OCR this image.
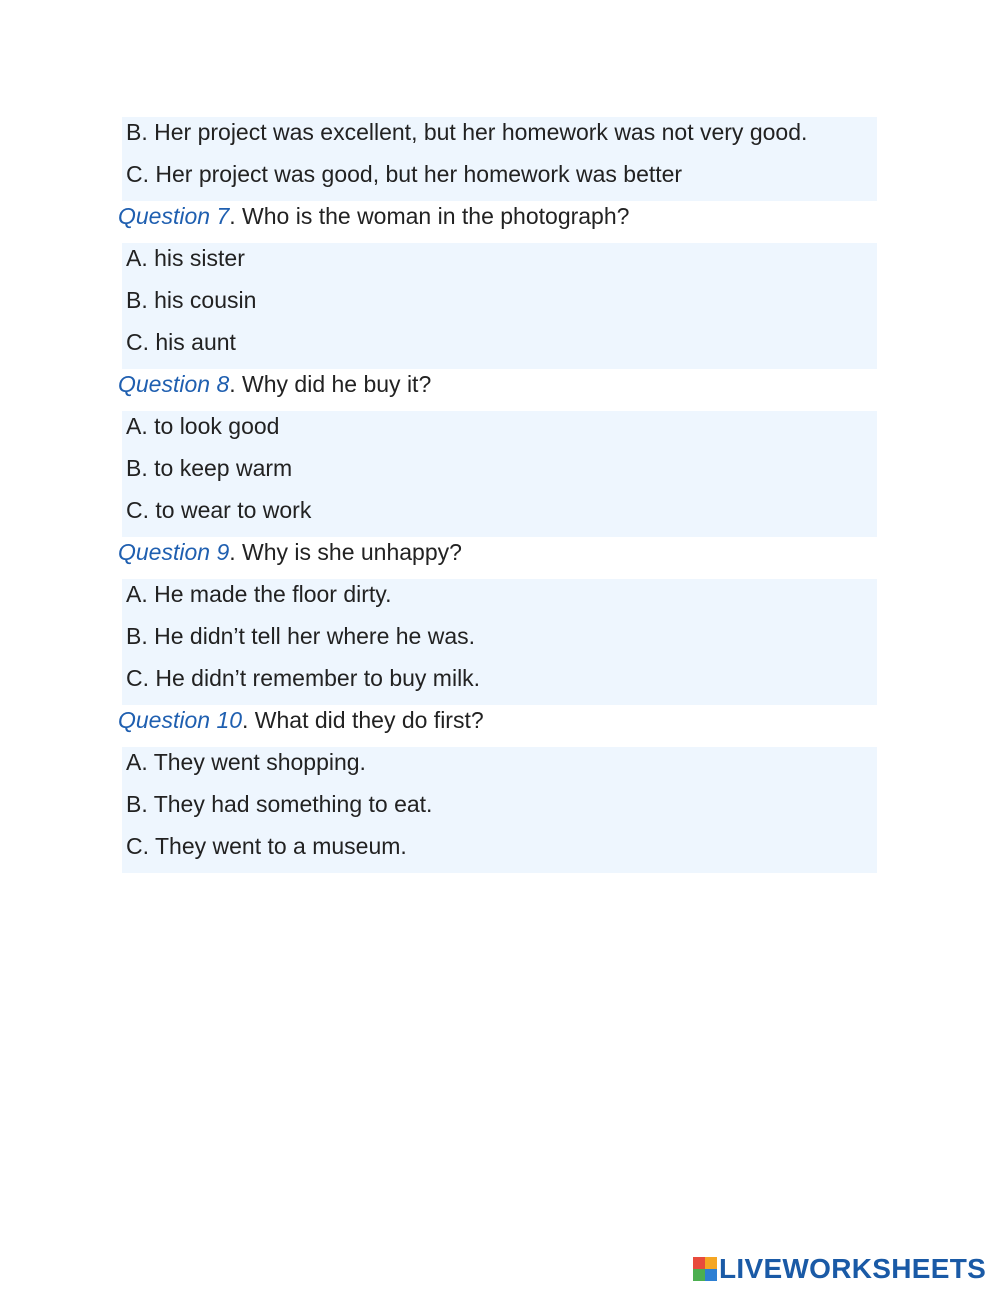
B. Her project was excellent, but her homework was not very good.
C. Her project was good, but her homework was better
Question 7. Who is the woman in the photograph?
A. his sister
B. his cousin
C. his aunt
Question 8. Why did he buy it?
A. to look good
B. to keep warm
C. to wear to work
Question 9. Why is she unhappy?
A. He made the floor dirty.
B. He didn’t tell her where he was.
C. He didn’t remember to buy milk.
Question 10. What did they do first?
A. They went shopping.
B. They had something to eat.
C. They went to a museum.
LIVEWORKSHEETS
